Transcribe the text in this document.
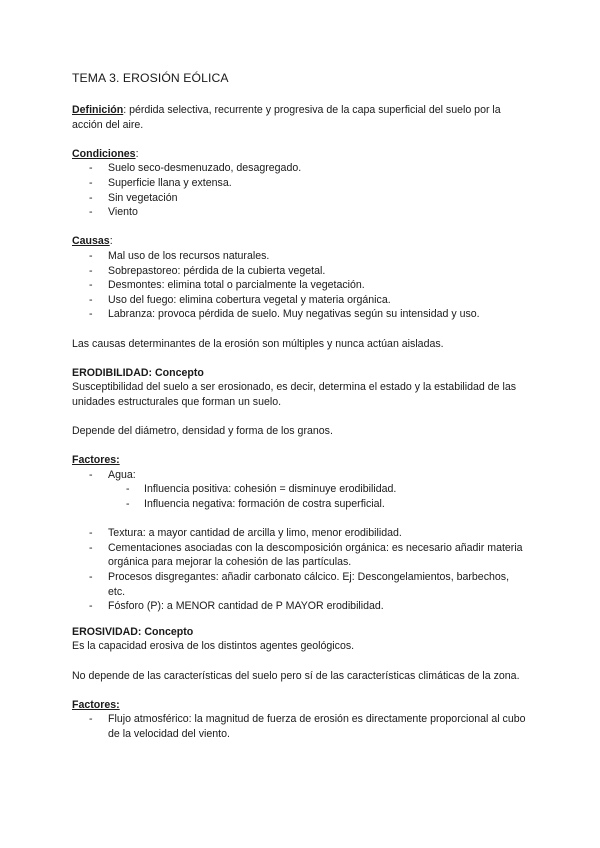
TEMA 3. EROSIÓN EÓLICA

Definición: pérdida selectiva, recurrente y progresiva de la capa superficial del suelo por la acción del aire.

Condiciones:

- Suelo seco-desmenuzado, desagregado.
- Superficie llana y extensa.
- Sin vegetación
- Viento

Causas:

- Mal uso de los recursos naturales.
- Sobrepastoreo: pérdida de la cubierta vegetal.
- Desmontes: elimina total o parcialmente la vegetación.
- Uso del fuego: elimina cobertura vegetal y materia orgánica.
- Labranza: provoca pérdida de suelo. Muy negativas según su intensidad y uso.

Las causas determinantes de la erosión son múltiples y nunca actúan aisladas.

ERODIBILIDAD: Concepto

Susceptibilidad del suelo a ser erosionado, es decir, determina el estado y la estabilidad de las unidades estructurales que forman un suelo.

Depende del diámetro, densidad y forma de los granos.

Factores:

- Agua:
- Influencia positiva: cohesión = disminuye erodibilidad.
- Influencia negativa: formación de costra superficial.
- Textura: a mayor cantidad de arcilla y limo, menor erodibilidad.
- Cementaciones asociadas con la descomposición orgánica: es necesario añadir materia orgánica para mejorar la cohesión de las partículas.
- Procesos disgregantes: añadir carbonato cálcico. Ej: Descongelamientos, barbechos, etc.
- Fósforo (P): a MENOR cantidad de P MAYOR erodibilidad.

EROSIVIDAD: Concepto

Es la capacidad erosiva de los distintos agentes geológicos.

No depende de las características del suelo pero sí de las características climáticas de la zona.

Factores:

- Flujo atmosférico: la magnitud de fuerza de erosión es directamente proporcional al cubo de la velocidad del viento.
